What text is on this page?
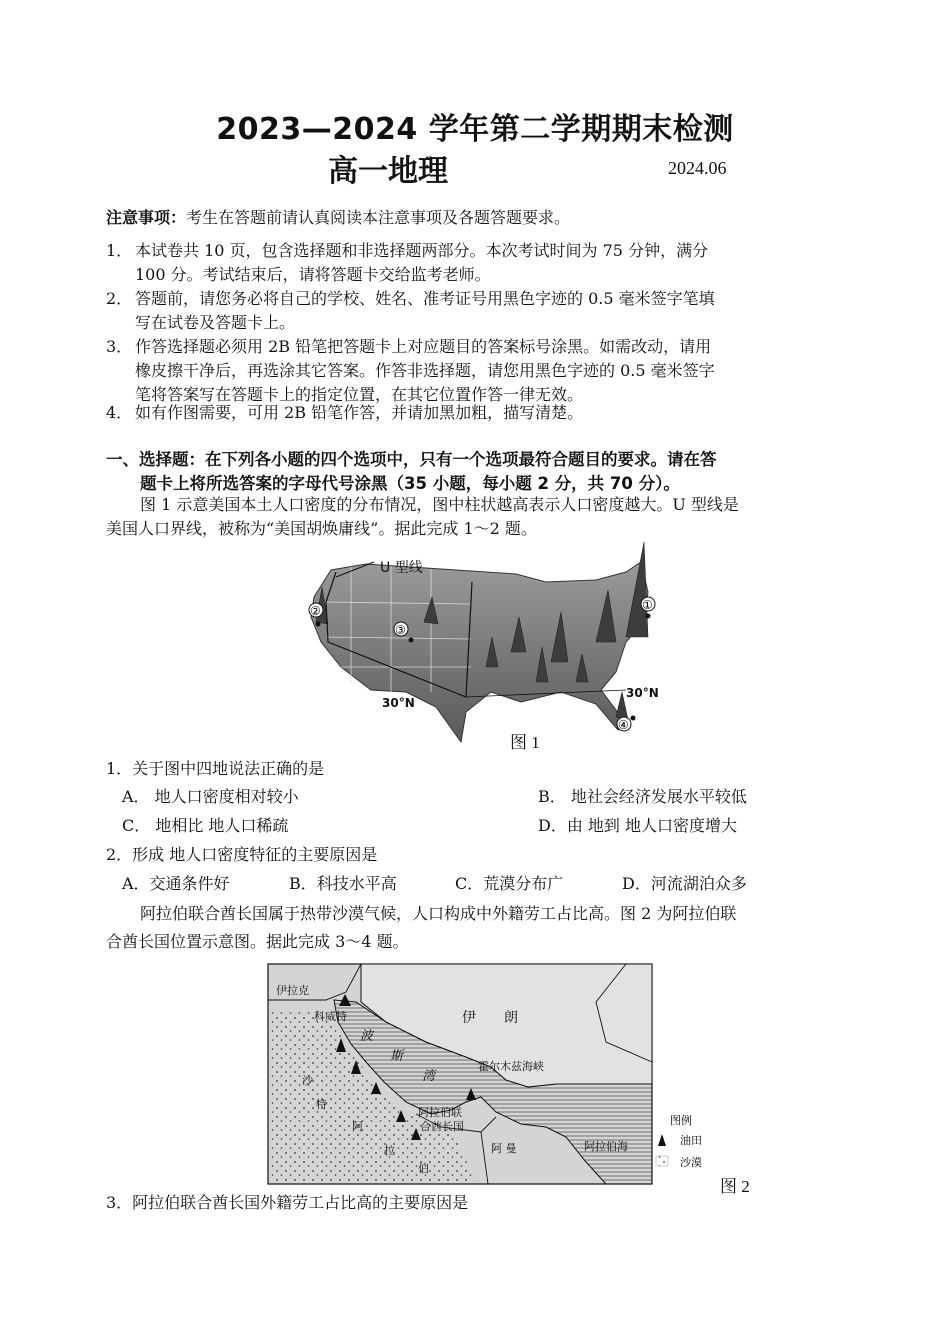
2023—2024 学年第二学期期末检测
高一地理	2024.06
注意事项：考生在答题前请认真阅读本注意事项及各题答题要求。
1． 本试卷共 10 页，包含选择题和非选择题两部分。本次考试时间为 75 分钟，满分
100 分。考试结束后，请将答题卡交给监考老师。
2． 答题前，请您务必将自己的学校、姓名、准考证号用黑色字迹的 0.5 毫米签字笔填
写在试卷及答题卡上。
3． 作答选择题必须用 2B 铅笔把答题卡上对应题目的答案标号涂黑。如需改动，请用
橡皮擦干净后，再选涂其它答案。作答非选择题，请您用黑色字迹的 0.5 毫米签字
笔将答案写在答题卡上的指定位置，在其它位置作答一律无效。
4． 如有作图需要，可用 2B 铅笔作答，并请加黑加粗，描写清楚。
一、选择题：在下列各小题的四个选项中，只有一个选项最符合题目的要求。请在答
题卡上将所选答案的字母代号涂黑（35 小题，每小题 2 分，共 70 分）。
图 1 示意美国本土人口密度的分布情况，图中柱状越高表示人口密度越大。U 型线是
美国人口界线，被称为“美国胡焕庸线”。据此完成 1～2 题。
U 型线
30°N
30°N
①
②
③
④
图 1
1．关于图中四地说法正确的是
A． 地人口密度相对较小	B． 地社会经济发展水平较低
C． 地相比 地人口稀疏	D．由 地到 地人口密度增大
2．形成 地人口密度特征的主要原因是
A．交通条件好	B．科技水平高	C．荒漠分布广	D．河流湖泊众多
阿拉伯联合酋长国属于热带沙漠气候，人口构成中外籍劳工占比高。图 2 为阿拉伯联
合酋长国位置示意图。据此完成 3～4 题。
伊拉克
科威特	伊　　朗
波
斯
湾
霍尔木兹海峡
沙
特
阿
拉
伯
阿拉伯联
合酋长国
阿 曼	阿拉伯海
图例
油田
沙漠
图 2
3．阿拉伯联合酋长国外籍劳工占比高的主要原因是
